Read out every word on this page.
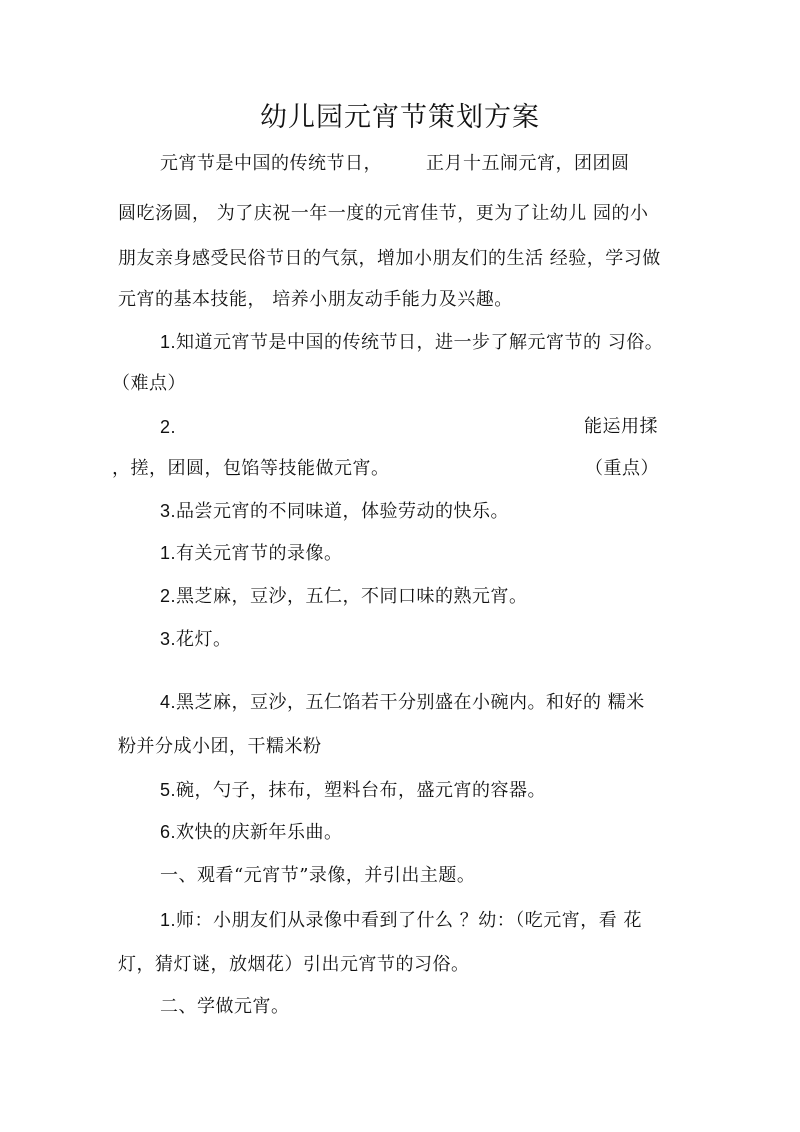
幼儿园元宵节策划方案
元宵节是中国的传统节日， 正月十五闹元宵，团团圆
圆吃汤圆， 为了庆祝一年一度的元宵佳节，更为了让幼儿 园的小
朋友亲身感受民俗节日的气氛，增加小朋友们的生活 经验，学习做
元宵的基本技能， 培养小朋友动手能力及兴趣。
1.知道元宵节是中国的传统节日，进一步了解元宵节的 习俗。
（难点）
2.	能运用揉
，搓，团圆，包馅等技能做元宵。	（重点）
3.品尝元宵的不同味道，体验劳动的快乐。
1.有关元宵节的录像。
2.黑芝麻，豆沙，五仁，不同口味的熟元宵。
3.花灯。
4.黑芝麻，豆沙，五仁馅若干分别盛在小碗内。和好的 糯米
粉并分成小团，干糯米粉
5.碗，勺子，抹布，塑料台布，盛元宵的容器。
6.欢快的庆新年乐曲。
一、观看“元宵节”录像，并引出主题。
1.师：小朋友们从录像中看到了什么 ？幼：（吃元宵，看 花
灯，猜灯谜，放烟花）引出元宵节的习俗。
二、学做元宵。
